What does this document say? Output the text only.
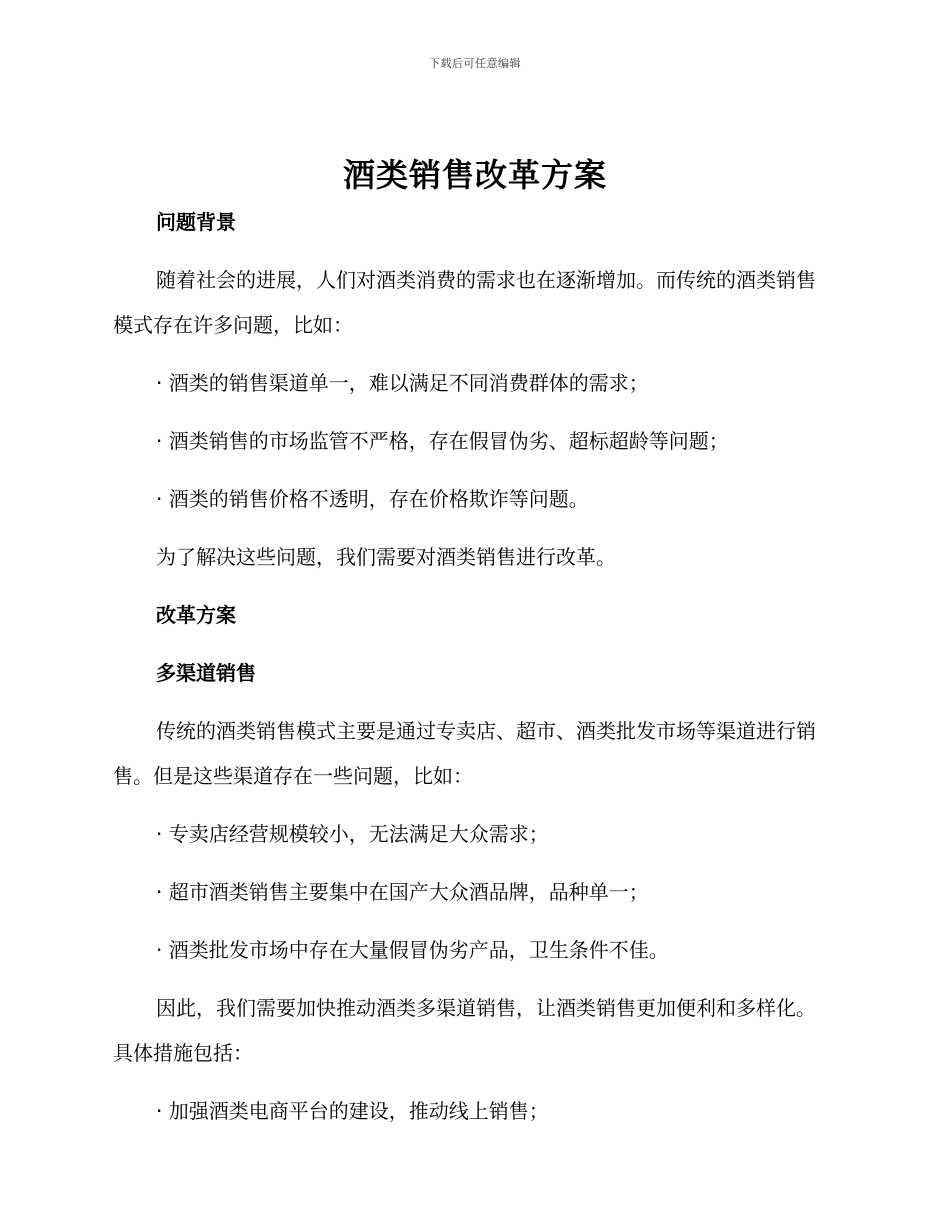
下载后可任意编辑
酒类销售改革方案
问题背景
随着社会的进展，人们对酒类消费的需求也在逐渐增加。而传统的酒类销售模式存在许多问题，比如：
· 酒类的销售渠道单一，难以满足不同消费群体的需求；
· 酒类销售的市场监管不严格，存在假冒伪劣、超标超龄等问题；
· 酒类的销售价格不透明，存在价格欺诈等问题。
为了解决这些问题，我们需要对酒类销售进行改革。
改革方案
多渠道销售
传统的酒类销售模式主要是通过专卖店、超市、酒类批发市场等渠道进行销售。但是这些渠道存在一些问题，比如：
· 专卖店经营规模较小，无法满足大众需求；
· 超市酒类销售主要集中在国产大众酒品牌，品种单一；
· 酒类批发市场中存在大量假冒伪劣产品，卫生条件不佳。
因此，我们需要加快推动酒类多渠道销售，让酒类销售更加便利和多样化。具体措施包括：
· 加强酒类电商平台的建设，推动线上销售；
